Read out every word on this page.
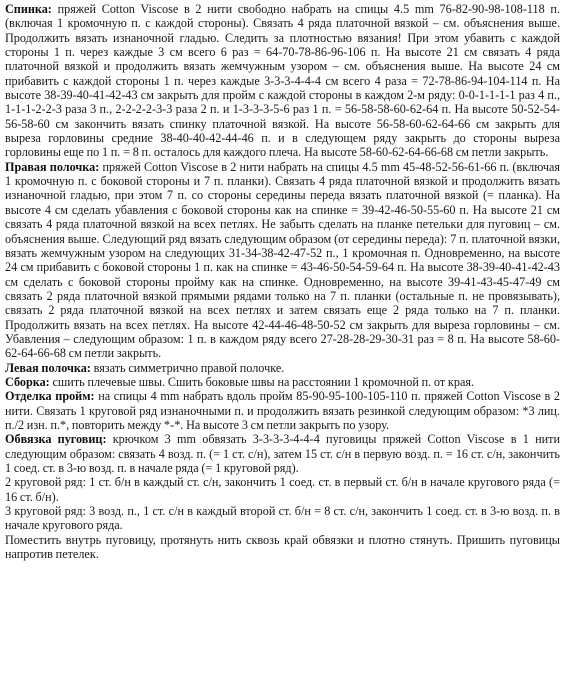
Спинка: пряжей Cotton Viscose в 2 нити свободно набрать на спицы 4.5 mm 76-82-90-98-108-118 п. (включая 1 кромочную п. с каждой стороны). Связать 4 ряда платочной вязкой – см. объяснения выше. Продолжить вязать изнаночной гладью. Следить за плотностью вязания! При этом убавить с каждой стороны 1 п. через каждые 3 см всего 6 раз = 64-70-78-86-96-106 п. На высоте 21 см связать 4 ряда платочной вязкой и продолжить вязать жемчужным узором – см. объяснения выше. На высоте 24 см прибавить с каждой стороны 1 п. через каждые 3-3-3-4-4-4 см всего 4 раза = 72-78-86-94-104-114 п. На высоте 38-39-40-41-42-43 см закрыть для пройм с каждой стороны в каждом 2-м ряду: 0-0-1-1-1-1 раз 4 п., 1-1-1-2-2-3 раза 3 п., 2-2-2-2-3-3 раза 2 п. и 1-3-3-3-5-6 раз 1 п. = 56-58-58-60-62-64 п. На высоте 50-52-54-56-58-60 см закончить вязать спинку платочной вязкой. На высоте 56-58-60-62-64-66 см закрыть для выреза горловины средние 38-40-40-42-44-46 п. и в следующем ряду закрыть до стороны выреза горловины еще по 1 п. = 8 п. осталось для каждого плеча. На высоте 58-60-62-64-66-68 см петли закрыть.

Правая полочка: пряжей Cotton Viscose в 2 нити набрать на спицы 4.5 mm 45-48-52-56-61-66 п. (включая 1 кромочную п. с боковой стороны и 7 п. планки). Связать 4 ряда платочной вязкой и продолжить вязать изнаночной гладью, при этом 7 п. со стороны середины переда вязать платочной вязкой (= планка). На высоте 4 см сделать убавления с боковой стороны как на спинке = 39-42-46-50-55-60 п. На высоте 21 см связать 4 ряда платочной вязкой на всех петлях. Не забыть сделать на планке петельки для пуговиц – см. объяснения выше. Следующий ряд вязать следующим образом (от середины переда): 7 п. платочной вязки, вязать жемчужным узором на следующих 31-34-38-42-47-52 п., 1 кромочная п. Одновременно, на высоте 24 см прибавить с боковой стороны 1 п. как на спинке = 43-46-50-54-59-64 п. На высоте 38-39-40-41-42-43 см сделать с боковой стороны пройму как на спинке. Одновременно, на высоте 39-41-43-45-47-49 см связать 2 ряда платочной вязкой прямыми рядами только на 7 п. планки (остальные п. не провязывать), связать 2 ряда платочной вязкой на всех петлях и затем связать еще 2 ряда только на 7 п. планки. Продолжить вязать на всех петлях. На высоте 42-44-46-48-50-52 см закрыть для выреза горловины – см. Убавления – следующим образом: 1 п. в каждом ряду всего 27-28-28-29-30-31 раз = 8 п. На высоте 58-60-62-64-66-68 см петли закрыть.

Левая полочка: вязать симметрично правой полочке.

Сборка: сшить плечевые швы. Сшить боковые швы на расстоянии 1 кромочной п. от края.

Отделка пройм: на спицы 4 mm набрать вдоль пройм 85-90-95-100-105-110 п. пряжей Cotton Viscose в 2 нити. Связать 1 круговой ряд изнаночными п. и продолжить вязать резинкой следующим образом: *3 лиц. п./2 изн. п.*, повторить между *-*. На высоте 3 см петли закрыть по узору.

Обвязка пуговиц: крючком 3 mm обвязать 3-3-3-3-4-4-4 пуговицы пряжей Cotton Viscose в 1 нити следующим образом: связать 4 возд. п. (= 1 ст. с/н), затем 15 ст. с/н в первую возд. п. = 16 ст. с/н, закончить 1 соед. ст. в 3-ю возд. п. в начале ряда (= 1 круговой ряд).

2 круговой ряд: 1 ст. б/н в каждый ст. с/н, закончить 1 соед. ст. в первый ст. б/н в начале кругового ряда (= 16 ст. б/н).

3 круговой ряд: 3 возд. п., 1 ст. с/н в каждый второй ст. б/н = 8 ст. с/н, закончить 1 соед. ст. в 3-ю возд. п. в начале кругового ряда.

Поместить внутрь пуговицу, протянуть нить сквозь край обвязки и плотно стянуть. Пришить пуговицы напротив петелек.
